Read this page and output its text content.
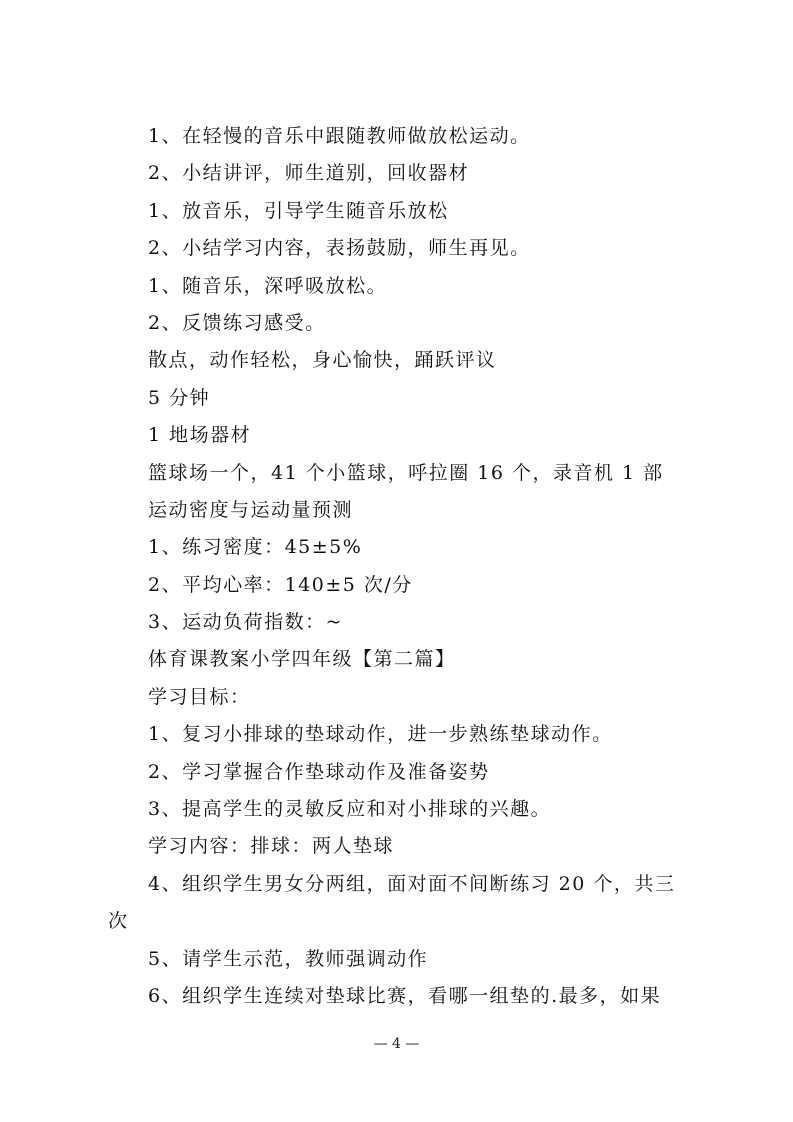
1、在轻慢的音乐中跟随教师做放松运动。
2、小结讲评，师生道别，回收器材
1、放音乐，引导学生随音乐放松
2、小结学习内容，表扬鼓励，师生再见。
1、随音乐，深呼吸放松。
2、反馈练习感受。
散点，动作轻松，身心愉快，踊跃评议
5 分钟
1 地场器材
篮球场一个，41 个小篮球，呼拉圈 16 个，录音机 1 部
运动密度与运动量预测
1、练习密度：45±5%
2、平均心率：140±5 次/分
3、运动负荷指数：~
体育课教案小学四年级【第二篇】
学习目标：
1、复习小排球的垫球动作，进一步熟练垫球动作。
2、学习掌握合作垫球动作及准备姿势
3、提高学生的灵敏反应和对小排球的兴趣。
学习内容：排球：两人垫球
4、组织学生男女分两组，面对面不间断练习 20 个，共三次
5、请学生示范，教师强调动作
6、组织学生连续对垫球比赛，看哪一组垫的.最多，如果
— 4 —
